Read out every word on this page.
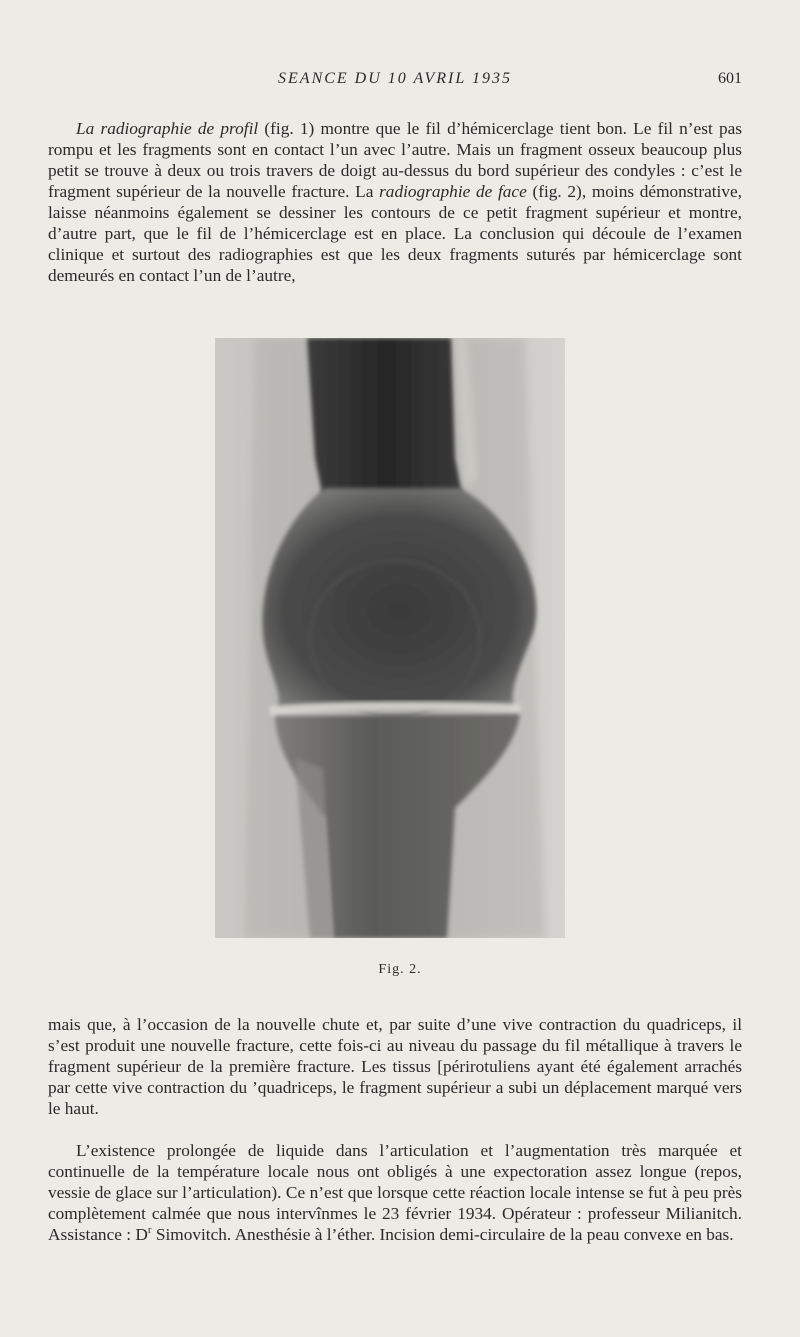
SEANCE DU 10 AVRIL 1935	601

La radiographie de profil (fig. 1) montre que le fil d’hémicerclage tient bon. Le fil n’est pas rompu et les fragments sont en contact l’un avec l’autre. Mais un fragment osseux beaucoup plus petit se trouve à deux ou trois travers de doigt au-dessus du bord supérieur des condyles : c’est le fragment supérieur de la nouvelle fracture. La radiographie de face (fig. 2), moins démonstrative, laisse néanmoins également se dessiner les contours de ce petit fragment supérieur et montre, d’autre part, que le fil de l’hémicerclage est en place. La conclusion qui découle de l’examen clinique et surtout des radiographies est que les deux fragments suturés par hémicerclage sont demeurés en contact l’un de l’autre,

Fig. 2.

mais que, à l’occasion de la nouvelle chute et, par suite d’une vive contraction du quadriceps, il s’est produit une nouvelle fracture, cette fois-ci au niveau du passage du fil métallique à travers le fragment supérieur de la première fracture. Les tissus [périrotuliens ayant été également arrachés par cette vive contraction du ’quadriceps, le fragment supérieur a subi un déplacement marqué vers le haut.

L’existence prolongée de liquide dans l’articulation et l’augmentation très marquée et continuelle de la température locale nous ont obligés à une expectoration assez longue (repos, vessie de glace sur l’articulation). Ce n’est que lorsque cette réaction locale intense se fut à peu près complètement calmée que nous intervînmes le 23 février 1934. Opérateur : professeur Milianitch. Assistance : $D^r$ Simovitch. Anesthésie à l’éther. Incision demi-circulaire de la peau convexe en bas.
